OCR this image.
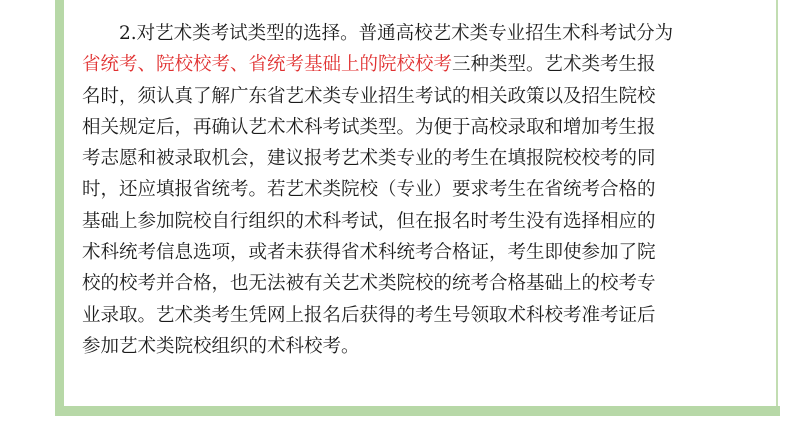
2.对艺术类考试类型的选择。普通高校艺术类专业招生术科考试分为
省统考、院校校考、省统考基础上的院校校考三种类型。艺术类考生报
名时，须认真了解广东省艺术类专业招生考试的相关政策以及招生院校
相关规定后，再确认艺术术科考试类型。为便于高校录取和增加考生报
考志愿和被录取机会，建议报考艺术类专业的考生在填报院校校考的同
时，还应填报省统考。若艺术类院校（专业）要求考生在省统考合格的
基础上参加院校自行组织的术科考试，但在报名时考生没有选择相应的
术科统考信息选项，或者未获得省术科统考合格证，考生即使参加了院
校的校考并合格，也无法被有关艺术类院校的统考合格基础上的校考专
业录取。艺术类考生凭网上报名后获得的考生号领取术科校考准考证后
参加艺术类院校组织的术科校考。
